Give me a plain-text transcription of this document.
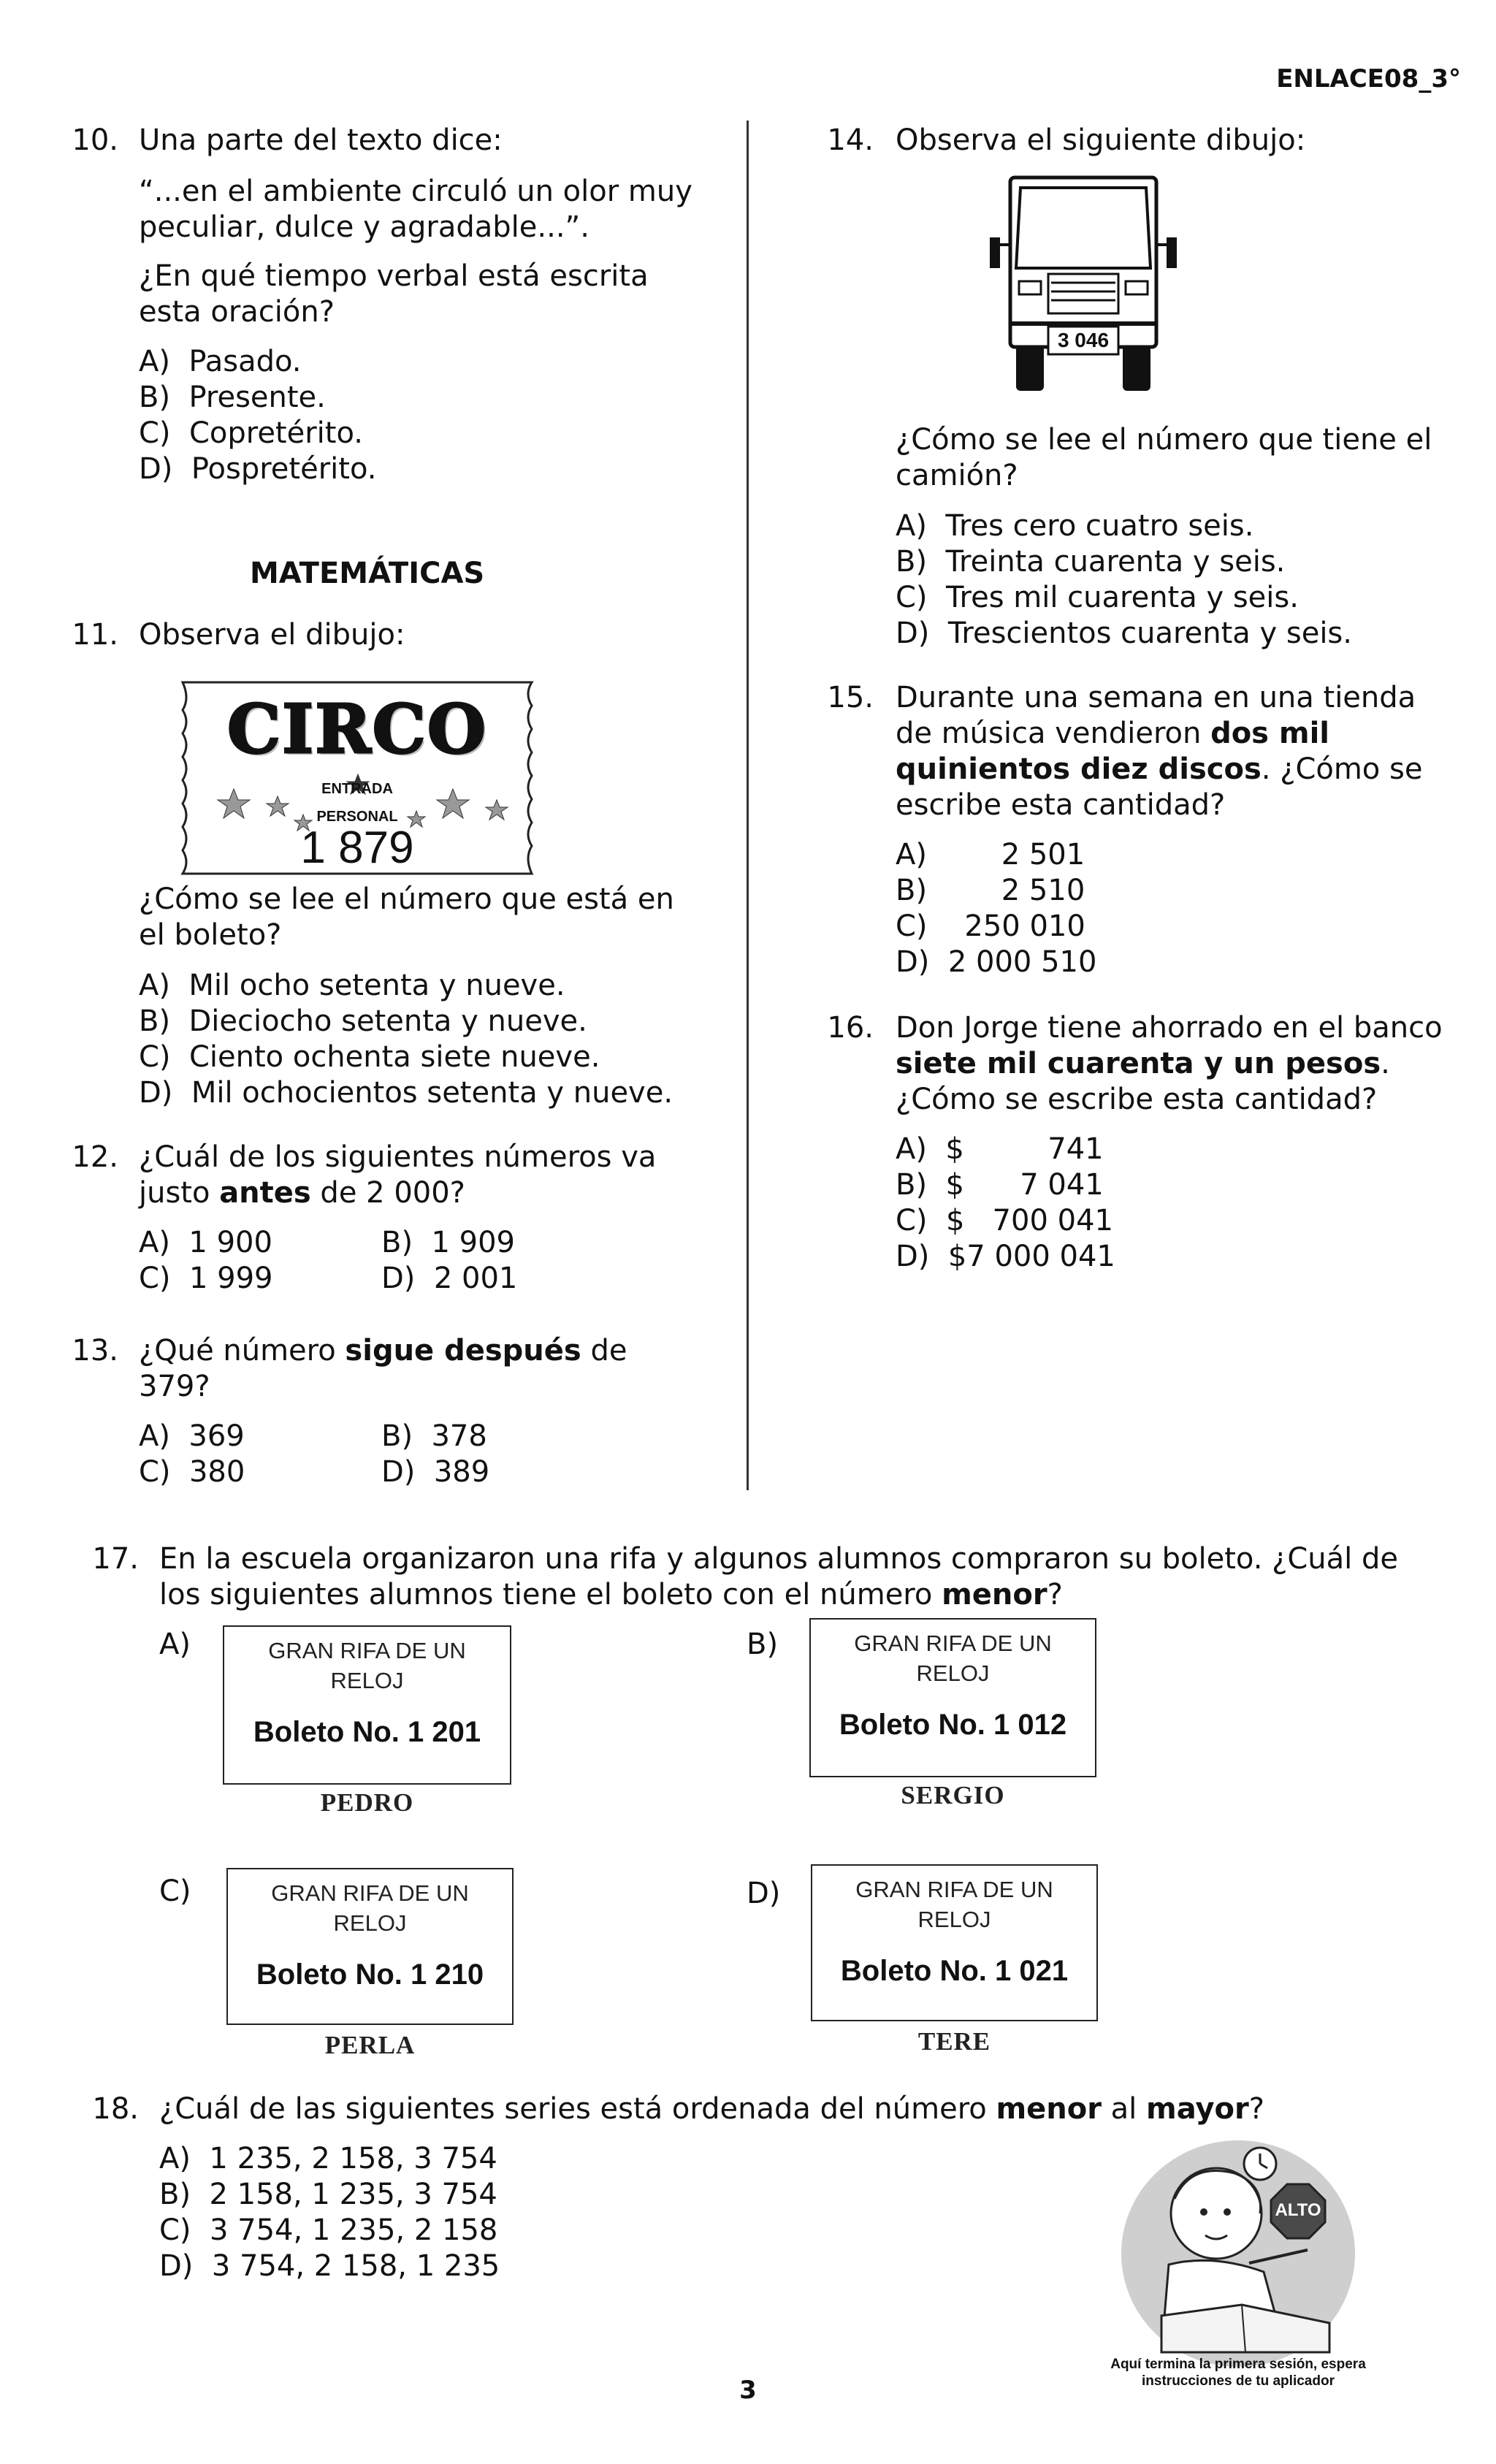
ENLACE08_3°
10. Una parte del texto dice:
“...en el ambiente circuló un olor muy
peculiar, dulce y agradable...”.
¿En qué tiempo verbal está escrita
esta oración?
A)  Pasado.
B)  Presente.
C)  Copretérito.
D)  Pospretérito.
MATEMÁTICAS
11. Observa el dibujo:
CIRCO
ENTRADA
PERSONAL
1 879
¿Cómo se lee el número que está en
el boleto?
A)  Mil ocho setenta y nueve.
B)  Dieciocho setenta y nueve.
C)  Ciento ochenta siete nueve.
D)  Mil ochocientos setenta y nueve.
12. ¿Cuál de los siguientes números va
justo antes de 2 000?
A)  1 900	B)  1 909
C)  1 999	D)  2 001
13. ¿Qué número sigue después de
379?
A)  369	B)  378
C)  380	D)  389
14. Observa el siguiente dibujo:
3 046
¿Cómo se lee el número que tiene el
camión?
A)  Tres cero cuatro seis.
B)  Treinta cuarenta y seis.
C)  Tres mil cuarenta y seis.
D)  Trescientos cuarenta y seis.
15. Durante una semana en una tienda
de música vendieron dos mil
quinientos diez discos. ¿Cómo se
escribe esta cantidad?
A)        2 501
B)        2 510
C)    250 010
D)  2 000 510
16. Don Jorge tiene ahorrado en el banco
siete mil cuarenta y un pesos.
¿Cómo se escribe esta cantidad?
A)  $         741
B)  $      7 041
C)  $   700 041
D)  $7 000 041
17. En la escuela organizaron una rifa y algunos alumnos compraron su boleto. ¿Cuál de
los siguientes alumnos tiene el boleto con el número menor?
A)	GRAN RIFA DE UN
RELOJ
Boleto No. 1 201
PEDRO
B)	GRAN RIFA DE UN
RELOJ
Boleto No. 1 012
SERGIO
C)	GRAN RIFA DE UN
RELOJ
Boleto No. 1 210
PERLA
D)	GRAN RIFA DE UN
RELOJ
Boleto No. 1 021
TERE
18. ¿Cuál de las siguientes series está ordenada del número menor al mayor?
A)  1 235, 2 158, 3 754
B)  2 158, 1 235, 3 754
C)  3 754, 1 235, 2 158
D)  3 754, 2 158, 1 235
ALTO
Aquí termina la primera sesión, espera
instrucciones de tu aplicador
3
